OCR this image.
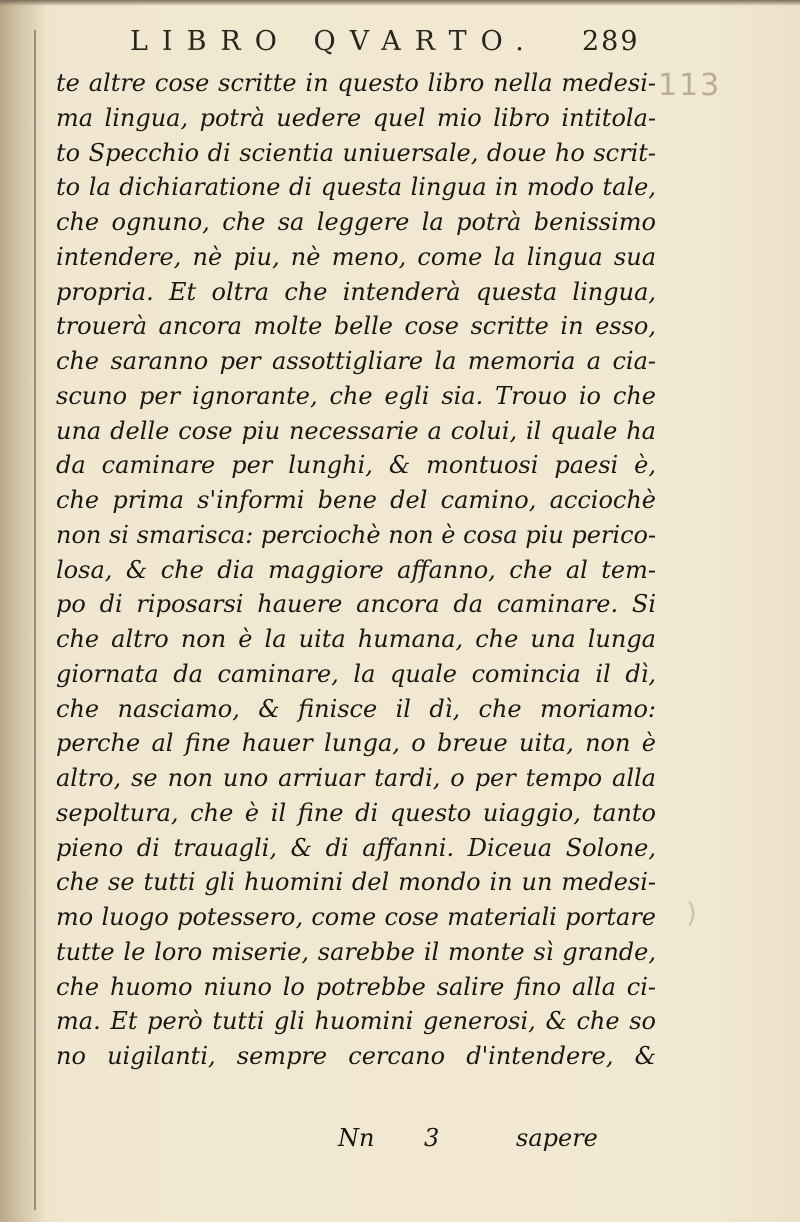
LIBRO QVARTO. 289
113
)
te altre cose scritte in questo libro nella medesi-
ma lingua, potrà uedere quel mio libro intitola-
to Specchio di scientia uniuersale, doue ho scrit-
to la dichiaratione di questa lingua in modo tale,
che ognuno, che sa leggere la potrà benissimo
intendere, nè piu, nè meno, come la lingua sua
propria. Et oltra che intenderà questa lingua,
trouerà ancora molte belle cose scritte in esso,
che saranno per assottigliare la memoria a cia-
scuno per ignorante, che egli sia. Trouo io che
una delle cose piu necessarie a colui, il quale ha
da caminare per lunghi, & montuosi paesi è,
che prima s'informi bene del camino, acciochè
non si smarisca: perciochè non è cosa piu perico-
losa, & che dia maggiore affanno, che al tem-
po di riposarsi hauere ancora da caminare. Si
che altro non è la uita humana, che una lunga
giornata da caminare, la quale comincia il dì,
che nasciamo, & finisce il dì, che moriamo:
perche al fine hauer lunga, o breue uita, non è
altro, se non uno arriuar tardi, o per tempo alla
sepoltura, che è il fine di questo uiaggio, tanto
pieno di trauagli, & di affanni. Diceua Solone,
che se tutti gli huomini del mondo in un medesi-
mo luogo potessero, come cose materiali portare
tutte le loro miserie, sarebbe il monte sì grande,
che huomo niuno lo potrebbe salire fino alla ci-
ma. Et però tutti gli huomini generosi, & che so
no uigilanti, sempre cercano d'intendere, &
Nn 3	sapere
